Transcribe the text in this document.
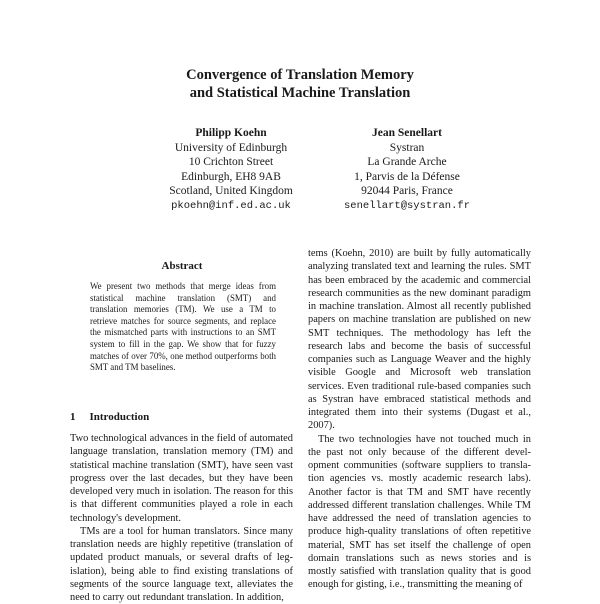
Convergence of Translation Memory
and Statistical Machine Translation
Philipp Koehn
University of Edinburgh
10 Crichton Street
Edinburgh, EH8 9AB
Scotland, United Kingdom
pkoehn@inf.ed.ac.uk
Jean Senellart
Systran
La Grande Arche
1, Parvis de la Défense
92044 Paris, France
senellart@systran.fr
Abstract
We present two methods that merge ideas from statistical machine translation (SMT) and translation memories (TM). We use a TM to retrieve matches for source segments, and replace the mismatched parts with instructions to an SMT system to fill in the gap. We show that for fuzzy matches of over 70%, one method outperforms both SMT and TM baselines.
1 Introduction

Two technological advances in the field of automated language translation, translation memory (TM) and statistical machine translation (SMT), have seen vast progress over the last decades, but they have been developed very much in isolation. The reason for this is that different communities played a role in each technology's development.

TMs are a tool for human translators. Since many translation needs are highly repetitive (translation of updated product manuals, or several drafts of legislation), being able to find existing translations of segments of the source language text, alleviates the need to carry out redundant translation. In addition,

tems (Koehn, 2010) are built by fully automatically analyzing translated text and learning the rules. SMT has been embraced by the academic and commercial research communities as the new dominant paradigm in machine translation. Almost all recently published papers on machine translation are published on new SMT techniques. The methodology has left the research labs and become the basis of successful companies such as Language Weaver and the highly visible Google and Microsoft web translation services. Even traditional rule-based companies such as Systran have embraced statistical methods and integrated them into their systems (Dugast et al., 2007).

The two technologies have not touched much in the past not only because of the different development communities (software suppliers to translation agencies vs. mostly academic research labs). Another factor is that TM and SMT have recently addressed different translation challenges. While TM have addressed the need of translation agencies to produce high-quality translations of often repetitive material, SMT has set itself the challenge of open domain translations such as news stories and is mostly satisfied with translation quality that is good enough for gisting, i.e., transmitting the meaning of
